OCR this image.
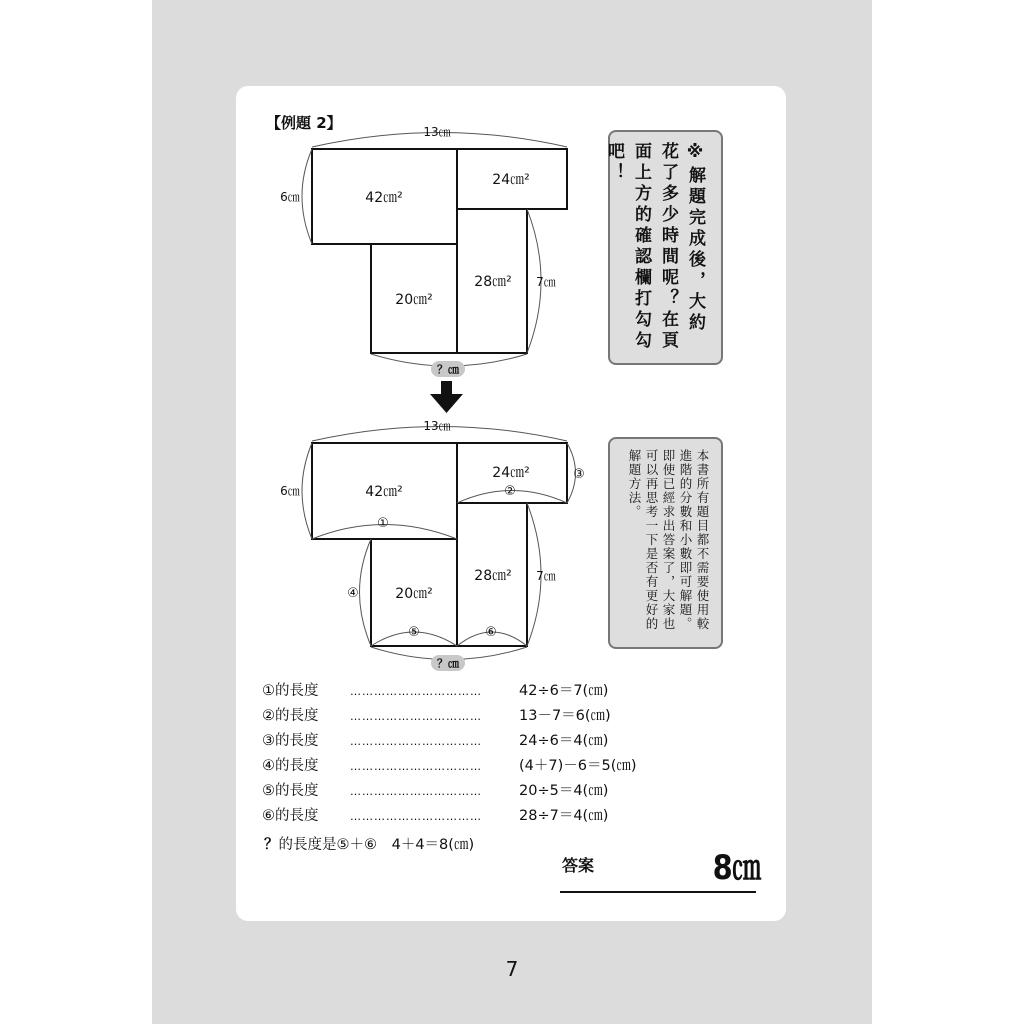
【例題 2】	13㎝
6㎝
7㎝
42㎝²
24㎝²
20㎝²
28㎝²
？㎝
13㎝
6㎝
7㎝
42㎝²
24㎝²
20㎝²
28㎝²
①
②
③
④
⑤	⑥
？㎝
※解題完成後，大約花了多少時間呢？在頁面上方的確認欄打勾勾吧！
本書所有題目都不需要使用較進階的分數和小數即可解題。即使已經求出答案了，大家也可以再思考一下是否有更好的解題方法。
①的長度	……………………………	42÷6＝7(㎝)
②的長度	……………………………	13－7＝6(㎝)
③的長度	……………………………	24÷6＝4(㎝)
④的長度	……………………………	(4＋7)－6＝5(㎝)
⑤的長度	……………………………	20÷5＝4(㎝)
⑥的長度	……………………………	28÷7＝4(㎝)
？的長度是⑤＋⑥ 4＋4＝8(㎝)
答案	8㎝
7
